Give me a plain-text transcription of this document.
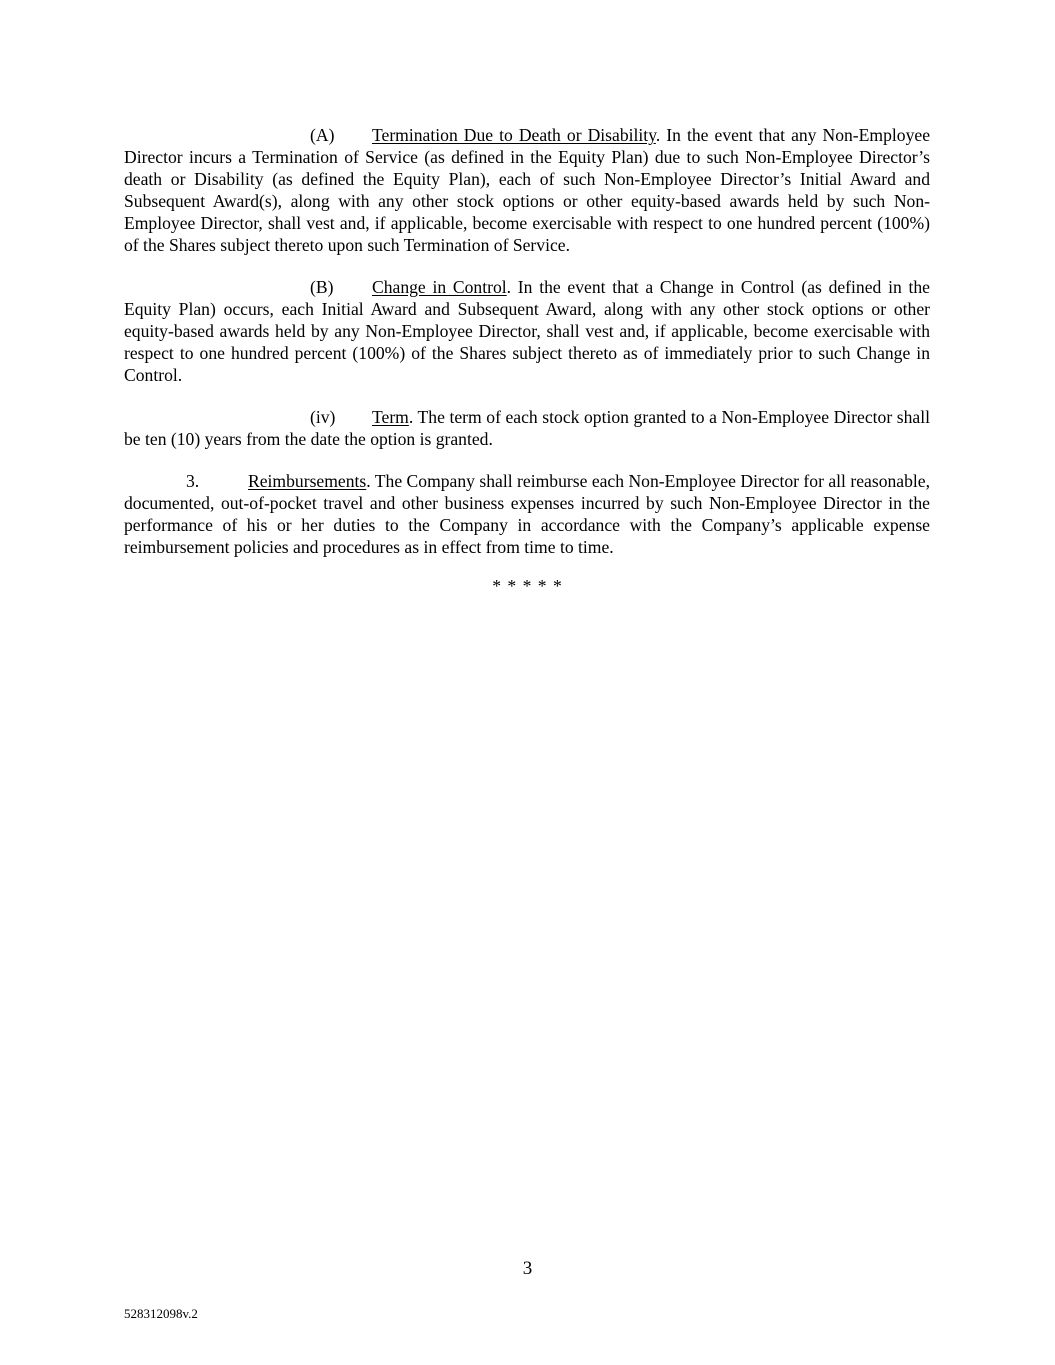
(A) Termination Due to Death or Disability. In the event that any Non-Employee Director incurs a Termination of Service (as defined in the Equity Plan) due to such Non-Employee Director’s death or Disability (as defined the Equity Plan), each of such Non-Employee Director’s Initial Award and Subsequent Award(s), along with any other stock options or other equity-based awards held by such Non-Employee Director, shall vest and, if applicable, become exercisable with respect to one hundred percent (100%) of the Shares subject thereto upon such Termination of Service.

(B) Change in Control. In the event that a Change in Control (as defined in the Equity Plan) occurs, each Initial Award and Subsequent Award, along with any other stock options or other equity-based awards held by any Non-Employee Director, shall vest and, if applicable, become exercisable with respect to one hundred percent (100%) of the Shares subject thereto as of immediately prior to such Change in Control.

(iv) Term. The term of each stock option granted to a Non-Employee Director shall be ten (10) years from the date the option is granted.

3.	Reimbursements. The Company shall reimburse each Non-Employee Director for all reasonable, documented, out-of-pocket travel and other business expenses incurred by such Non-Employee Director in the performance of his or her duties to the Company in accordance with the Company’s applicable expense reimbursement policies and procedures as in effect from time to time.

* * * * *
3
528312098v.2
